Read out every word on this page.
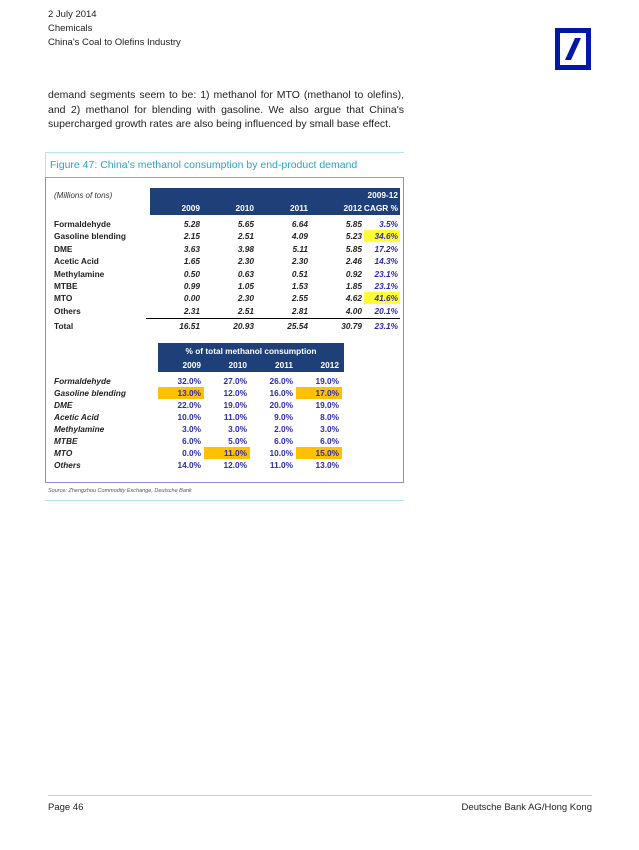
2 July 2014
Chemicals
China's Coal to Olefins Industry
demand segments seem to be: 1) methanol for MTO (methanol to olefins), and 2) methanol for blending with gasoline. We also argue that China's supercharged growth rates are also being influenced by small base effect.
Figure 47: China's methanol consumption by end-product demand
(Millions of tons)	2009-12
CAGR %
% of total methanol consumption
2009	2010	2011	2012
Formaldehyde	5.28	5.65	6.64	5.85	3.5%
Gasoline blending	2.15	2.51	4.09	5.23	34.6%
DME	3.63	3.98	5.11	5.85	17.2%
Acetic Acid	1.65	2.30	2.30	2.46	14.3%
Methylamine	0.50	0.63	0.51	0.92	23.1%
MTBE	0.99	1.05	1.53	1.85	23.1%
MTO	0.00	2.30	2.55	4.62	41.6%
Others	2.31	2.51	2.81	4.00	20.1%
Total	16.51	20.93	25.54	30.79	23.1%
2009	2010	2011	2012
Formaldehyde	32.0%	27.0%	26.0%	19.0%
Gasoline blending	13.0%	12.0%	16.0%	17.0%
DME	22.0%	19.0%	20.0%	19.0%
Acetic Acid	10.0%	11.0%	9.0%	8.0%
Methylamine	3.0%	3.0%	2.0%	3.0%
MTBE	6.0%	5.0%	6.0%	6.0%
MTO	0.0%	11.0%	10.0%	15.0%
Others	14.0%	12.0%	11.0%	13.0%
Source: Zhengzhou Commodity Exchange, Deutsche Bank
Page 46	Deutsche Bank AG/Hong Kong
